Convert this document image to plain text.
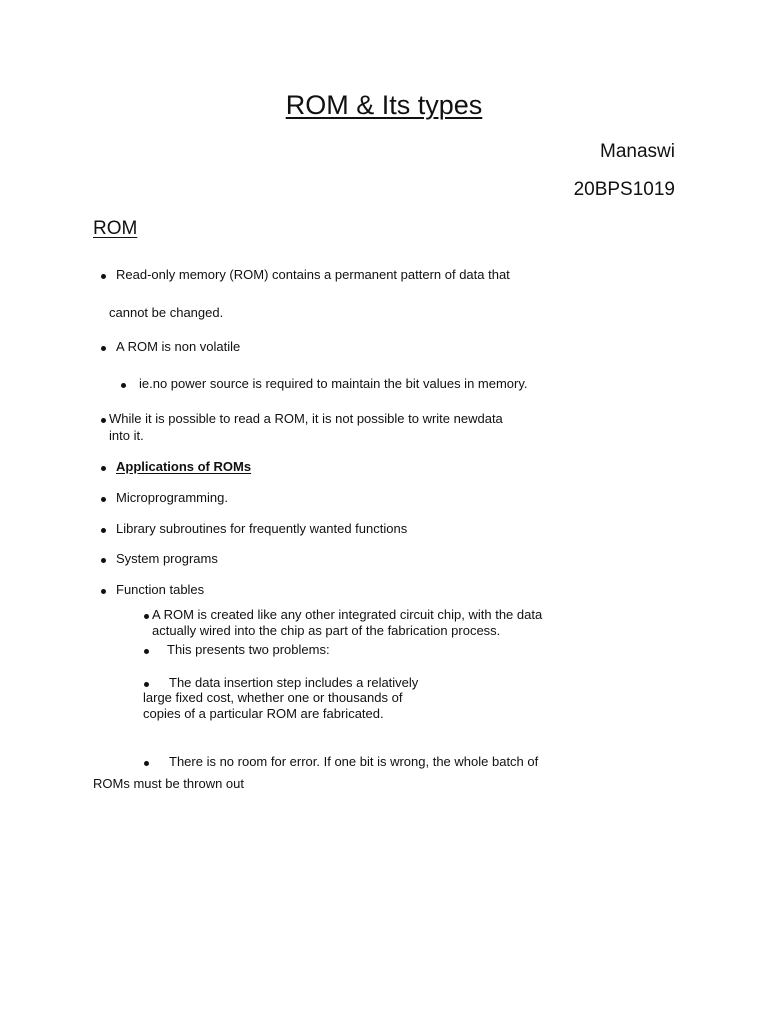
ROM & Its types
Manaswi
20BPS1019
ROM
Read-only memory (ROM) contains a permanent pattern of data that
cannot be changed.
A ROM is non volatile
ie.no power source is required to maintain the bit values in memory.
While it is possible to read a ROM, it is not possible to write newdata
into it.
Applications of ROMs
Microprogramming.
Library subroutines for frequently wanted functions
System programs
Function tables
A ROM is created like any other integrated circuit chip, with the data
actually wired into the chip as part of the fabrication process.
This presents two problems:
The data insertion step includes a relatively
large fixed cost, whether one or thousands of
copies of a particular ROM are fabricated.
There is no room for error. If one bit is wrong, the whole batch of
ROMs must be thrown out
